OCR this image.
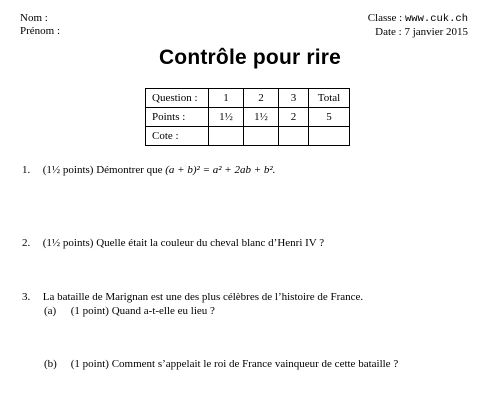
Nom :
Prénom :
Classe : www.cuk.ch
Date : 7 janvier 2015
Contrôle pour rire
Question :	1	2	3	Total
Points :	1½	1½	2	5
Cote :				
1. (1½ points) Démontrer que (a + b)² = a² + 2ab + b².
2. (1½ points) Quelle était la couleur du cheval blanc d’Henri IV ?
3. La bataille de Marignan est une des plus célèbres de l’histoire de France.
(a) (1 point) Quand a-t-elle eu lieu ?
(b) (1 point) Comment s’appelait le roi de France vainqueur de cette bataille ?
